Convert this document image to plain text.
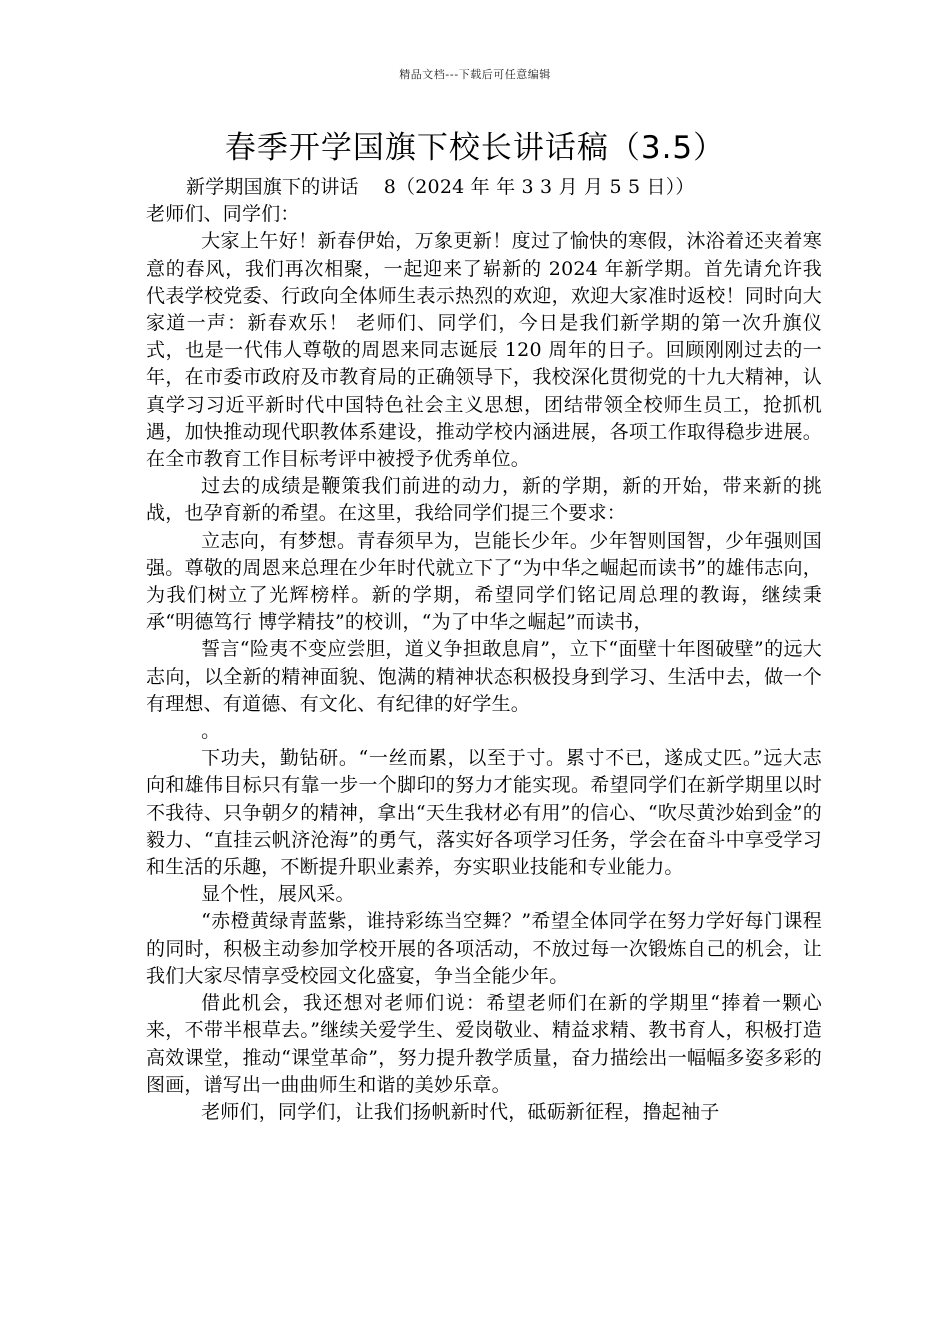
精品文档---下载后可任意编辑
春季开学国旗下校长讲话稿（3.5）

新学期国旗下的讲话    8（2024 年 年 3 3 月 月 5 5 日））

老师们、同学们：

大家上午好！新春伊始，万象更新！度过了愉快的寒假，沐浴着还夹着寒意的春风，我们再次相聚，一起迎来了崭新的 2024 年新学期。首先请允许我代表学校党委、行政向全体师生表示热烈的欢迎，欢迎大家准时返校！同时向大家道一声：新春欢乐！ 老师们、同学们，今日是我们新学期的第一次升旗仪式，也是一代伟人尊敬的周恩来同志诞辰 120 周年的日子。回顾刚刚过去的一年，在市委市政府及市教育局的正确领导下，我校深化贯彻党的十九大精神，认真学习习近平新时代中国特色社会主义思想，团结带领全校师生员工，抢抓机遇，加快推动现代职教体系建设，推动学校内涵进展，各项工作取得稳步进展。在全市教育工作目标考评中被授予优秀单位。

过去的成绩是鞭策我们前进的动力，新的学期，新的开始，带来新的挑战，也孕育新的希望。在这里，我给同学们提三个要求：

立志向，有梦想。青春须早为，岂能长少年。少年智则国智，少年强则国强。尊敬的周恩来总理在少年时代就立下了“为中华之崛起而读书”的雄伟志向，为我们树立了光辉榜样。新的学期，希望同学们铭记周总理的教诲，继续秉承“明德笃行 博学精技”的校训，“为了中华之崛起”而读书，

誓言“险夷不变应尝胆，道义争担敢息肩”，立下“面壁十年图破壁”的远大志向，以全新的精神面貌、饱满的精神状态积极投身到学习、生活中去，做一个有理想、有道德、有文化、有纪律的好学生。

。

下功夫，勤钻研。“一丝而累，以至于寸。累寸不已，遂成丈匹。”远大志向和雄伟目标只有靠一步一个脚印的努力才能实现。希望同学们在新学期里以时不我待、只争朝夕的精神，拿出“天生我材必有用”的信心、“吹尽黄沙始到金”的毅力、“直挂云帆济沧海”的勇气，落实好各项学习任务，学会在奋斗中享受学习和生活的乐趣，不断提升职业素养，夯实职业技能和专业能力。

显个性，展风采。

“赤橙黄绿青蓝紫，谁持彩练当空舞？”希望全体同学在努力学好每门课程的同时，积极主动参加学校开展的各项活动，不放过每一次锻炼自己的机会，让我们大家尽情享受校园文化盛宴，争当全能少年。

借此机会，我还想对老师们说：希望老师们在新的学期里“捧着一颗心来，不带半根草去。”继续关爱学生、爱岗敬业、精益求精、教书育人，积极打造高效课堂，推动“课堂革命”，努力提升教学质量，奋力描绘出一幅幅多姿多彩的图画，谱写出一曲曲师生和谐的美妙乐章。

老师们，同学们，让我们扬帆新时代，砥砺新征程，撸起袖子
